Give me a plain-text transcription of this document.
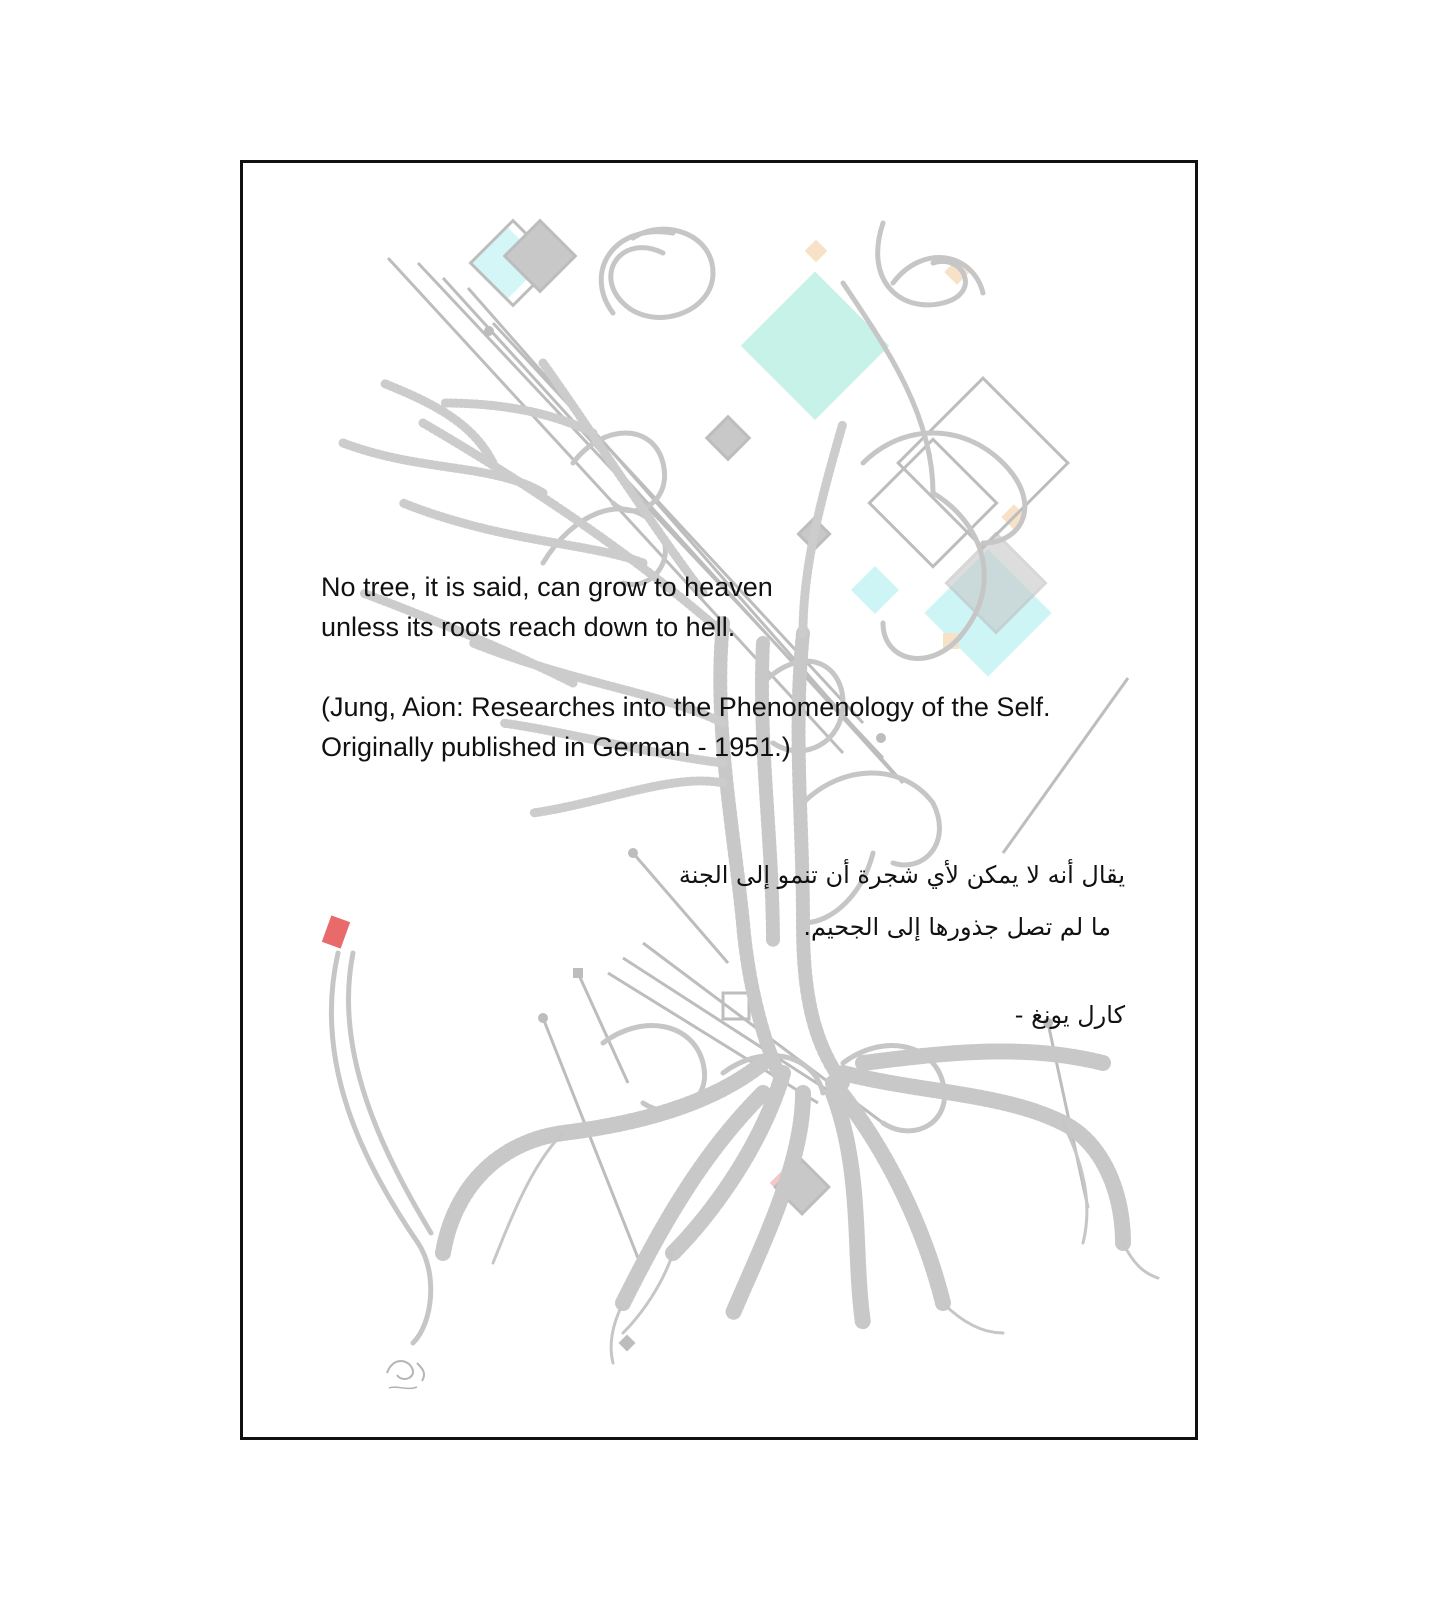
No tree, it is said, can grow to heaven
unless its roots reach down to hell.
(Jung, Aion: Researches into the Phenomenology of the Self.
Originally published in German - 1951.)
يقال أنه لا يمكن لأي شجرة أن تنمو إلى الجنة
ما لم تصل جذورها إلى الجحيم.
كارل يونغ -
